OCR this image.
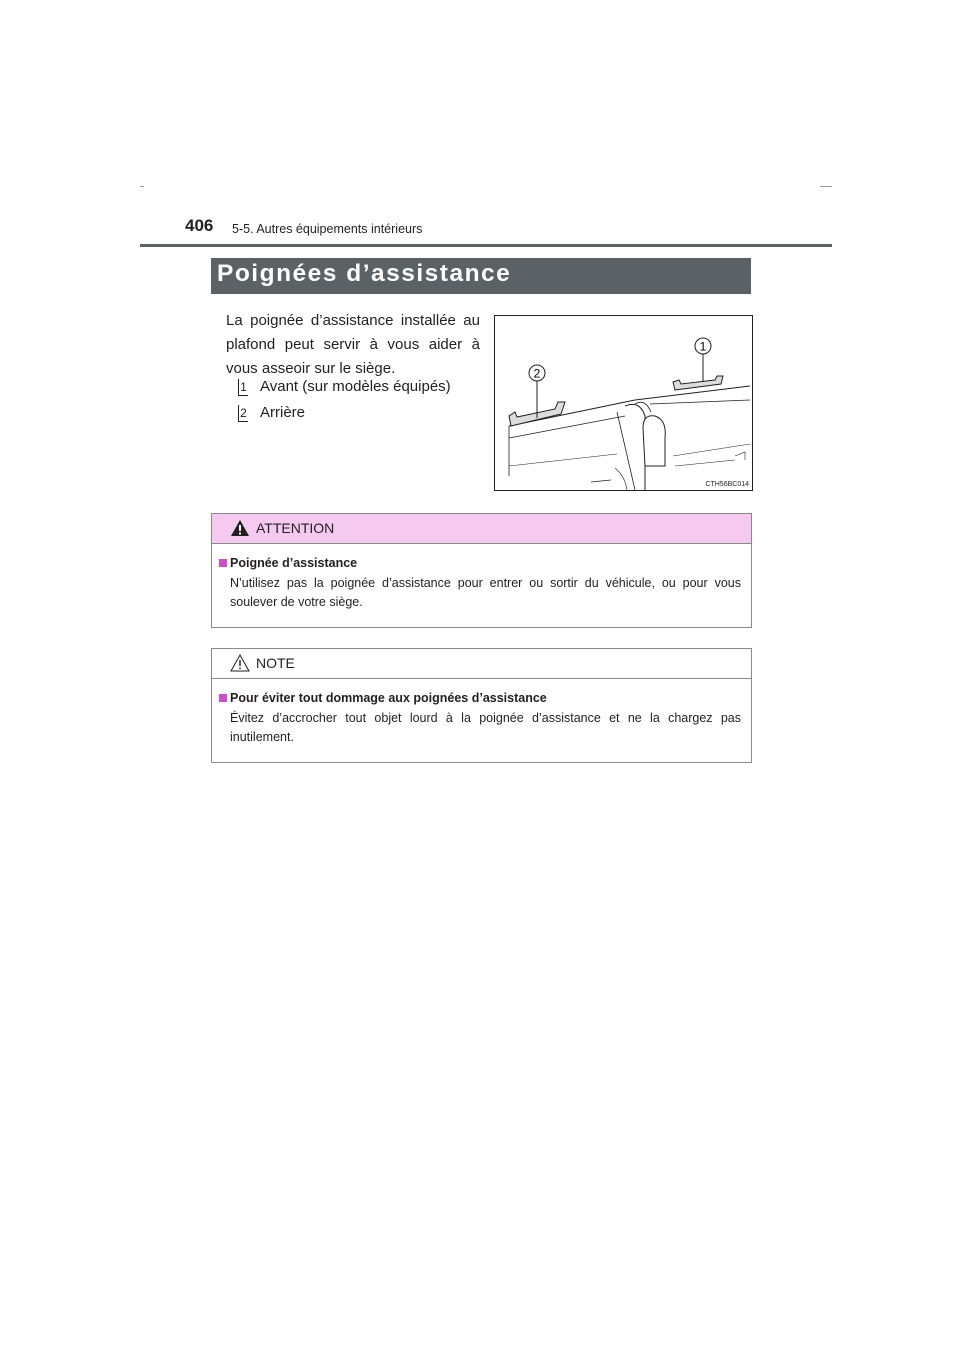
406 5-5. Autres équipements intérieurs
Poignées d’assistance
La poignée d’assistance installée au plafond peut servir à vous aider à vous asseoir sur le siège.
1 Avant (sur modèles équipés)
2 Arrière
1
2
CTH56BC014
ATTENTION
Poignée d’assistance
N’utilisez pas la poignée d’assistance pour entrer ou sortir du véhicule, ou pour vous soulever de votre siège.
NOTE
Pour éviter tout dommage aux poignées d’assistance
Évitez d’accrocher tout objet lourd à la poignée d’assistance et ne la chargez pas inutilement.
